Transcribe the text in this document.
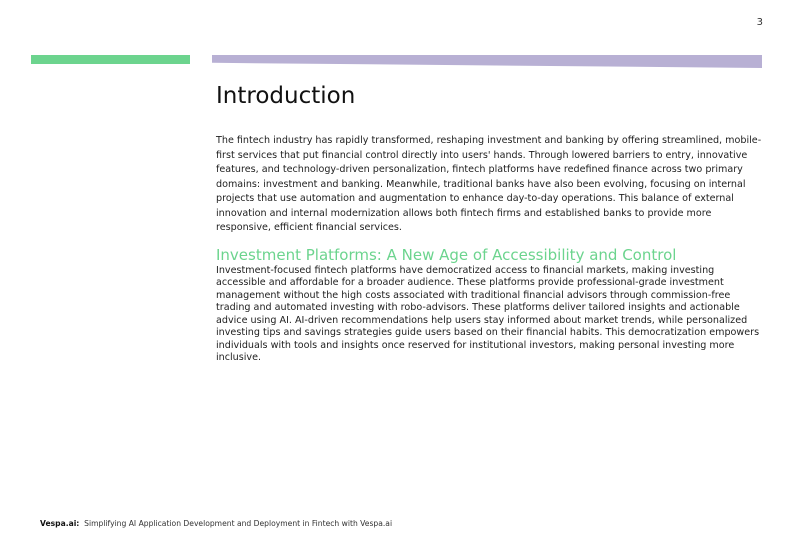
3
Introduction

The fintech industry has rapidly transformed, reshaping investment and banking by offering streamlined, mobile-first services that put financial control directly into users' hands. Through lowered barriers to entry, innovative features, and technology-driven personalization, fintech platforms have redefined finance across two primary domains: investment and banking. Meanwhile, traditional banks have also been evolving, focusing on internal projects that use automation and augmentation to enhance day-to-day operations. This balance of external innovation and internal modernization allows both fintech firms and established banks to provide more responsive, efficient financial services.

Investment Platforms: A New Age of Accessibility and Control

Investment-focused fintech platforms have democratized access to financial markets, making investing accessible and affordable for a broader audience. These platforms provide professional-grade investment management without the high costs associated with traditional financial advisors through commission-free trading and automated investing with robo-advisors. These platforms deliver tailored insights and actionable advice using AI. AI-driven recommendations help users stay informed about market trends, while personalized investing tips and savings strategies guide users based on their financial habits. This democratization empowers individuals with tools and insights once reserved for institutional investors, making personal investing more inclusive.

Vespa.ai: Simplifying AI Application Development and Deployment in Fintech with Vespa.ai
